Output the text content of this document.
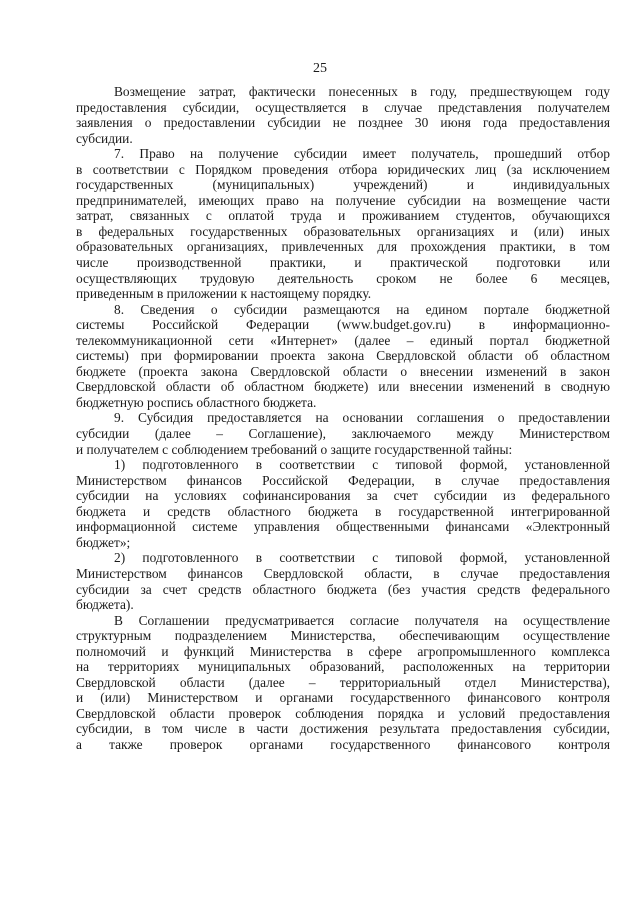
25
Возмещение затрат, фактически понесенных в году, предшествующем году
предоставления субсидии, осуществляется в случае представления получателем
заявления о предоставлении субсидии не позднее 30 июня года предоставления
субсидии.
7. Право на получение субсидии имеет получатель, прошедший отбор
в соответствии с Порядком проведения отбора юридических лиц (за исключением
государственных (муниципальных) учреждений) и индивидуальных
предпринимателей, имеющих право на получение субсидии на возмещение части
затрат, связанных с оплатой труда и проживанием студентов, обучающихся
в федеральных государственных образовательных организациях и (или) иных
образовательных организациях, привлеченных для прохождения практики, в том
числе производственной практики, и практической подготовки или
осуществляющих трудовую деятельность сроком не более 6 месяцев,
приведенным в приложении к настоящему порядку.
8. Сведения о субсидии размещаются на едином портале бюджетной
системы Российской Федерации (www.budget.gov.ru) в информационно-
телекоммуникационной сети «Интернет» (далее – единый портал бюджетной
системы) при формировании проекта закона Свердловской области об областном
бюджете (проекта закона Свердловской области о внесении изменений в закон
Свердловской области об областном бюджете) или внесении изменений в сводную
бюджетную роспись областного бюджета.
9. Субсидия предоставляется на основании соглашения о предоставлении
субсидии (далее – Соглашение), заключаемого между Министерством
и получателем с соблюдением требований о защите государственной тайны:
1) подготовленного в соответствии с типовой формой, установленной
Министерством финансов Российской Федерации, в случае предоставления
субсидии на условиях софинансирования за счет субсидии из федерального
бюджета и средств областного бюджета в государственной интегрированной
информационной системе управления общественными финансами «Электронный
бюджет»;
2) подготовленного в соответствии с типовой формой, установленной
Министерством финансов Свердловской области, в случае предоставления
субсидии за счет средств областного бюджета (без участия средств федерального
бюджета).
В Соглашении предусматривается согласие получателя на осуществление
структурным подразделением Министерства, обеспечивающим осуществление
полномочий и функций Министерства в сфере агропромышленного комплекса
на территориях муниципальных образований, расположенных на территории
Свердловской области (далее – территориальный отдел Министерства),
и (или) Министерством и органами государственного финансового контроля
Свердловской области проверок соблюдения порядка и условий предоставления
субсидии, в том числе в части достижения результата предоставления субсидии,
а также проверок органами государственного финансового контроля
